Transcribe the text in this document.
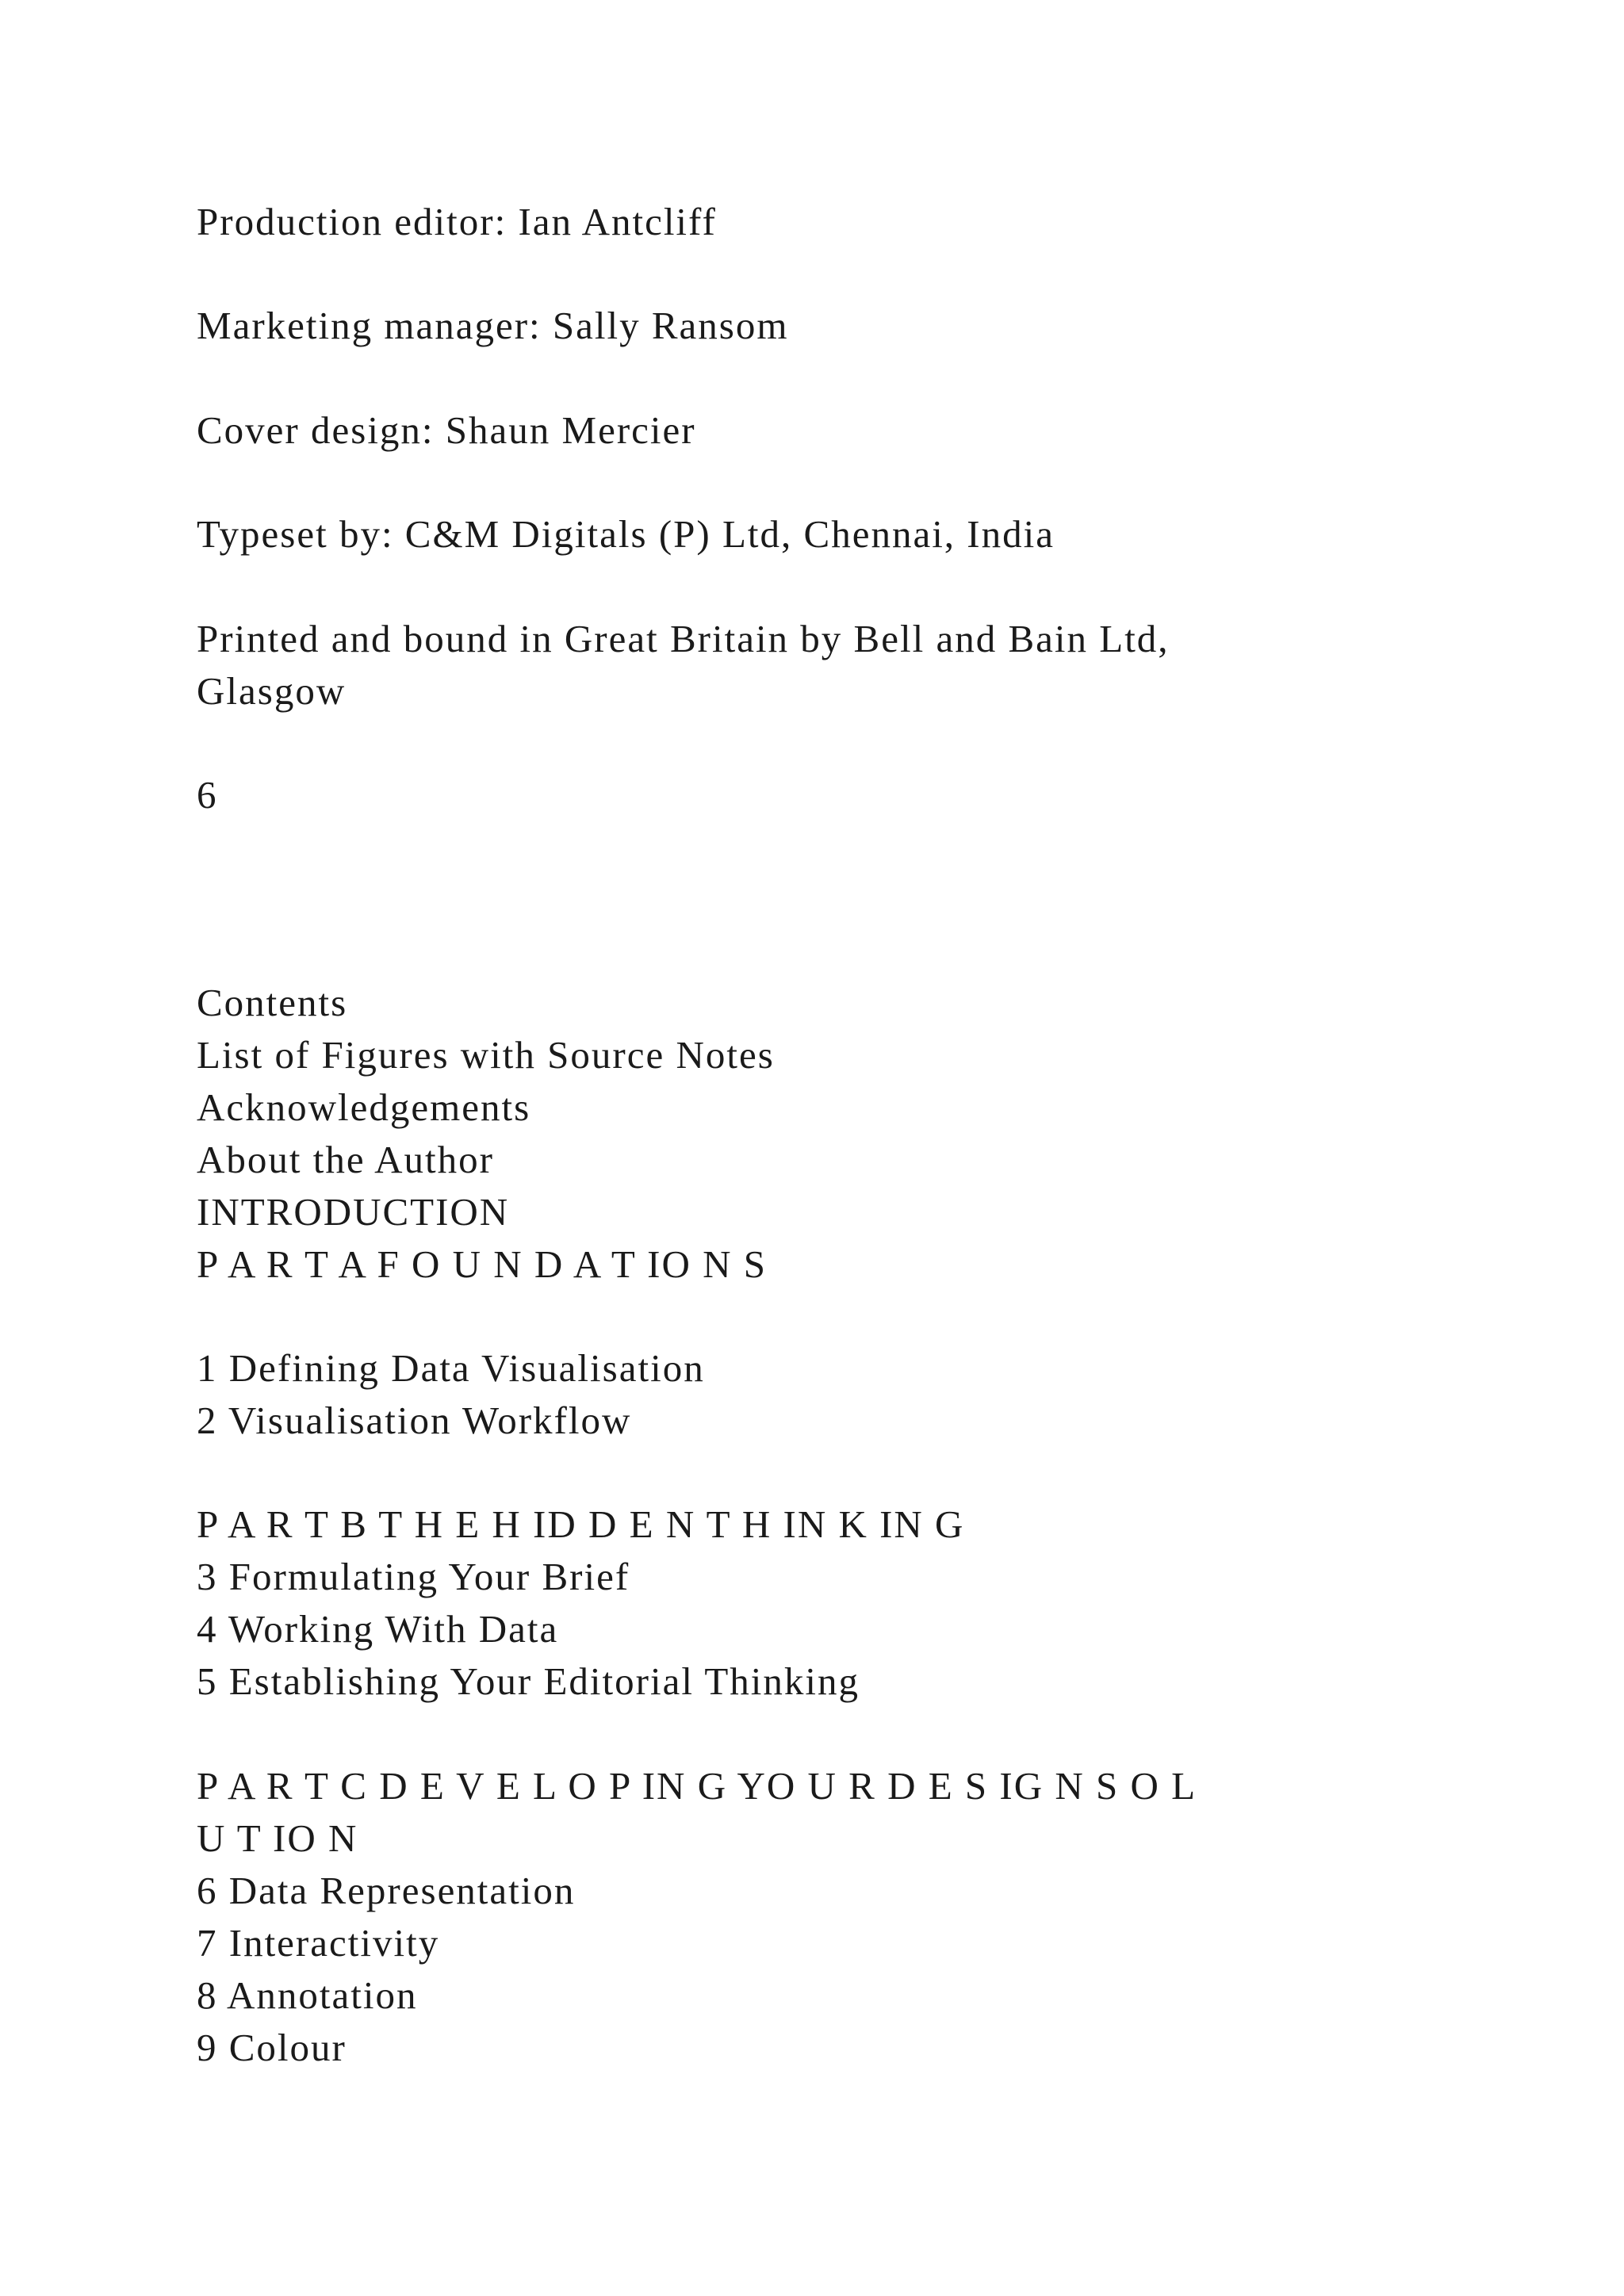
Production editor: Ian Antcliff

Marketing manager: Sally Ransom

Cover design: Shaun Mercier

Typeset by: C&M Digitals (P) Ltd, Chennai, India

Printed and bound in Great Britain by Bell and Bain Ltd,

Glasgow

6

Contents

List of Figures with Source Notes

Acknowledgements

About the Author

INTRODUCTION

P A R T A F O U N D A T IO N S

1 Defining Data Visualisation

2 Visualisation Workflow

P A R T B T H E H ID D E N T H IN K IN G

3 Formulating Your Brief

4 Working With Data

5 Establishing Your Editorial Thinking

P A R T C D E V E L O P IN G YO U R D E S IG N S O L

U T IO N

6 Data Representation

7 Interactivity

8 Annotation

9 Colour
